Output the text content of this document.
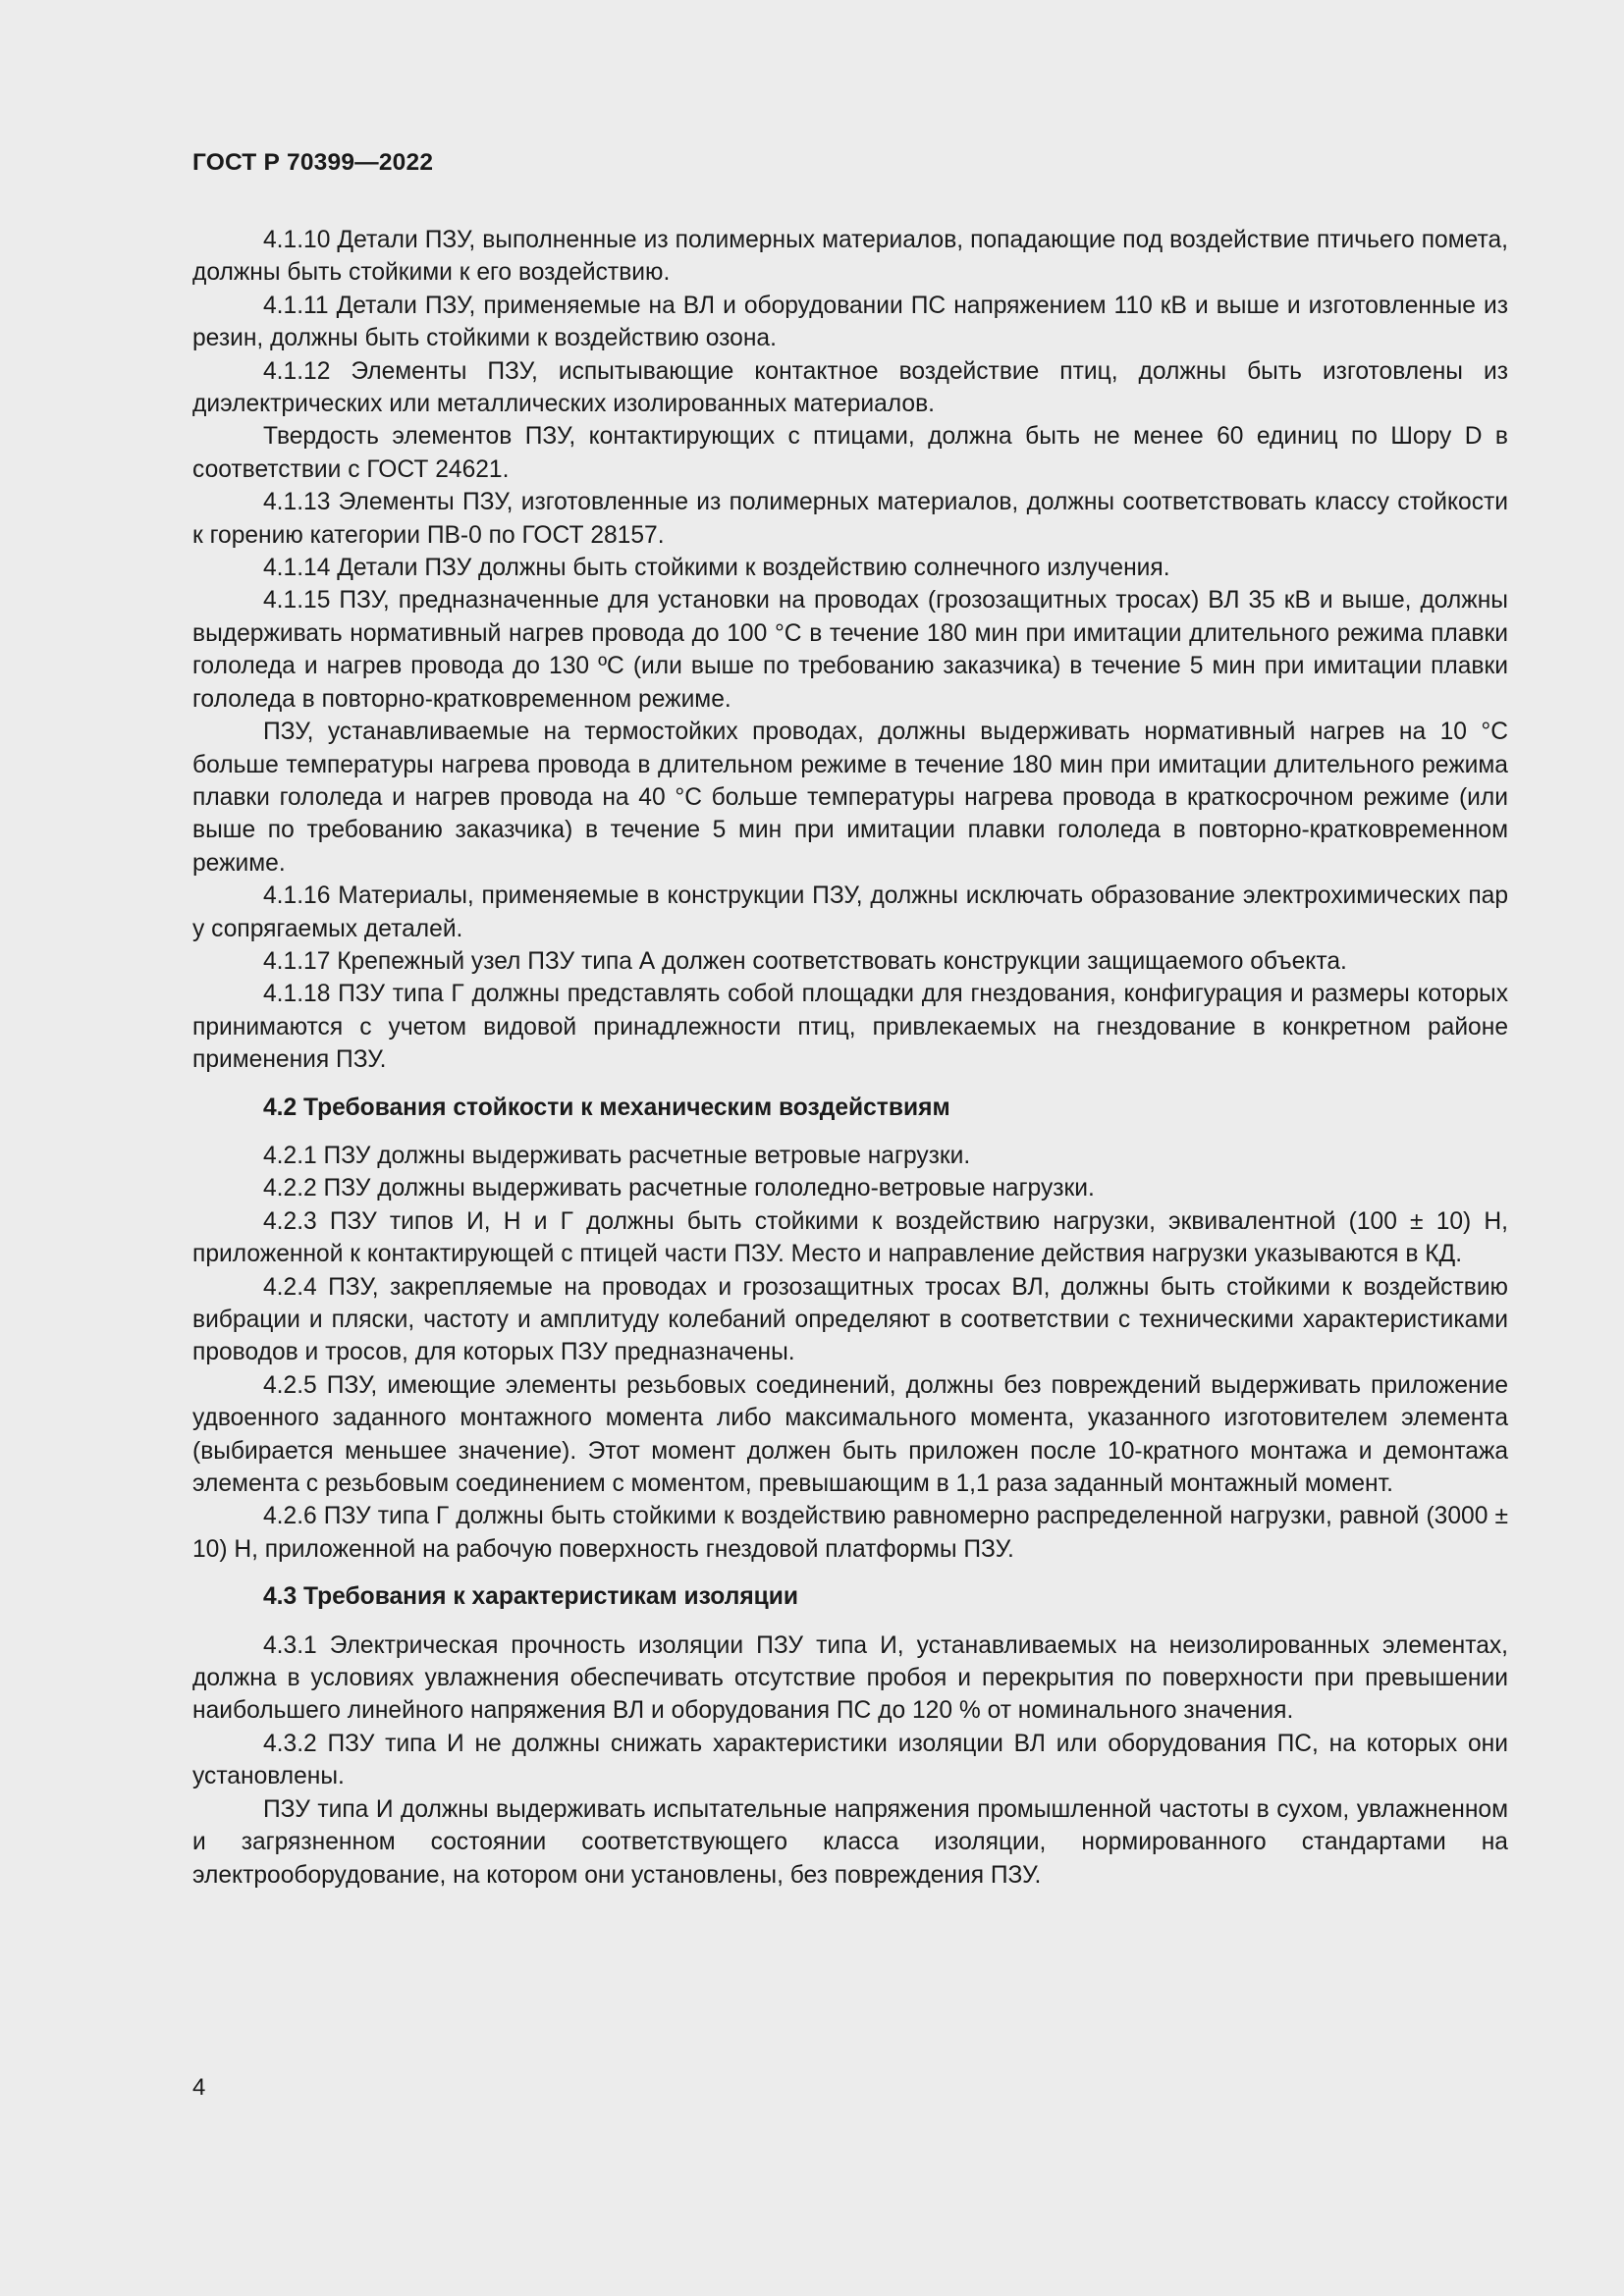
ГОСТ Р 70399—2022

4.1.10 Детали ПЗУ, выполненные из полимерных материалов, попадающие под воздействие птичьего помета, должны быть стойкими к его воздействию.

4.1.11 Детали ПЗУ, применяемые на ВЛ и оборудовании ПС напряжением 110 кВ и выше и изготовленные из резин, должны быть стойкими к воздействию озона.

4.1.12 Элементы ПЗУ, испытывающие контактное воздействие птиц, должны быть изготовлены из диэлектрических или металлических изолированных материалов.

Твердость элементов ПЗУ, контактирующих с птицами, должна быть не менее 60 единиц по Шору D в соответствии с ГОСТ 24621.

4.1.13 Элементы ПЗУ, изготовленные из полимерных материалов, должны соответствовать классу стойкости к горению категории ПВ-0 по ГОСТ 28157.

4.1.14 Детали ПЗУ должны быть стойкими к воздействию солнечного излучения.

4.1.15 ПЗУ, предназначенные для установки на проводах (грозозащитных тросах) ВЛ 35 кВ и выше, должны выдерживать нормативный нагрев провода до 100 °С в течение 180 мин при имитации длительного режима плавки гололеда и нагрев провода до 130 ºС (или выше по требованию заказчика) в течение 5 мин при имитации плавки гололеда в повторно-кратковременном режиме.

ПЗУ, устанавливаемые на термостойких проводах, должны выдерживать нормативный нагрев на 10 °С больше температуры нагрева провода в длительном режиме в течение 180 мин при имитации длительного режима плавки гололеда и нагрев провода на 40 °С больше температуры нагрева провода в краткосрочном режиме (или выше по требованию заказчика) в течение 5 мин при имитации плавки гололеда в повторно-кратковременном режиме.

4.1.16 Материалы, применяемые в конструкции ПЗУ, должны исключать образование электрохимических пар у сопрягаемых деталей.

4.1.17 Крепежный узел ПЗУ типа А должен соответствовать конструкции защищаемого объекта.

4.1.18 ПЗУ типа Г должны представлять собой площадки для гнездования, конфигурация и размеры которых принимаются с учетом видовой принадлежности птиц, привлекаемых на гнездование в конкретном районе применения ПЗУ.

4.2 Требования стойкости к механическим воздействиям

4.2.1 ПЗУ должны выдерживать расчетные ветровые нагрузки.

4.2.2 ПЗУ должны выдерживать расчетные гололедно-ветровые нагрузки.

4.2.3 ПЗУ типов И, Н и Г должны быть стойкими к воздействию нагрузки, эквивалентной (100 ± 10) Н, приложенной к контактирующей с птицей части ПЗУ. Место и направление действия нагрузки указываются в КД.

4.2.4 ПЗУ, закрепляемые на проводах и грозозащитных тросах ВЛ, должны быть стойкими к воздействию вибрации и пляски, частоту и амплитуду колебаний определяют в соответствии с техническими характеристиками проводов и тросов, для которых ПЗУ предназначены.

4.2.5 ПЗУ, имеющие элементы резьбовых соединений, должны без повреждений выдерживать приложение удвоенного заданного монтажного момента либо максимального момента, указанного изготовителем элемента (выбирается меньшее значение). Этот момент должен быть приложен после 10-кратного монтажа и демонтажа элемента с резьбовым соединением с моментом, превышающим в 1,1 раза заданный монтажный момент.

4.2.6 ПЗУ типа Г должны быть стойкими к воздействию равномерно распределенной нагрузки, равной (3000 ± 10) Н, приложенной на рабочую поверхность гнездовой платформы ПЗУ.

4.3 Требования к характеристикам изоляции

4.3.1 Электрическая прочность изоляции ПЗУ типа И, устанавливаемых на неизолированных элементах, должна в условиях увлажнения обеспечивать отсутствие пробоя и перекрытия по поверхности при превышении наибольшего линейного напряжения ВЛ и оборудования ПС до 120 % от номинального значения.

4.3.2 ПЗУ типа И не должны снижать характеристики изоляции ВЛ или оборудования ПС, на которых они установлены.

ПЗУ типа И должны выдерживать испытательные напряжения промышленной частоты в сухом, увлажненном и загрязненном состоянии соответствующего класса изоляции, нормированного стандартами на электрооборудование, на котором они установлены, без повреждения ПЗУ.

4
